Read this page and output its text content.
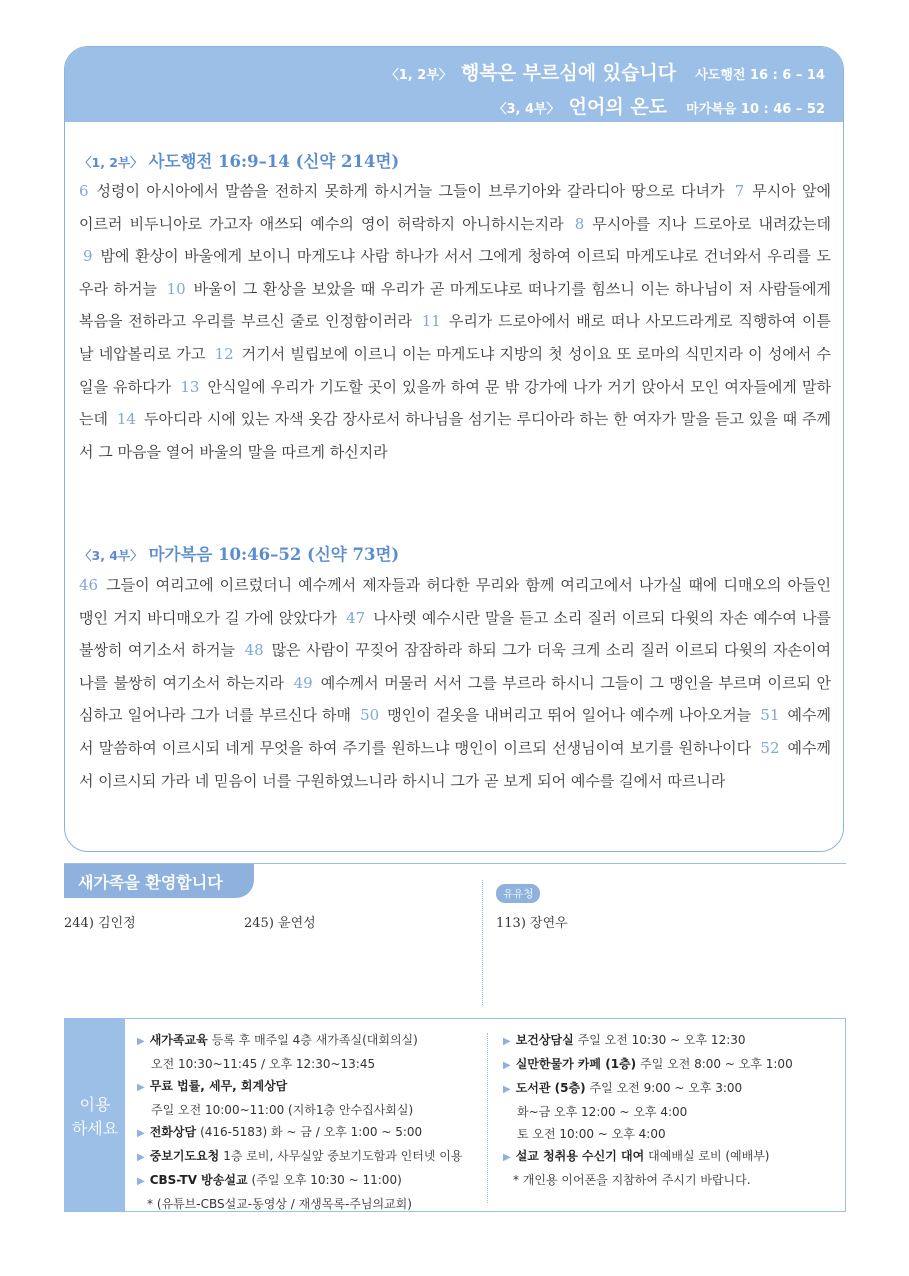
〈1, 2부〉 행복은 부르심에 있습니다 사도행전 16 : 6 – 14
〈3, 4부〉 언어의 온도 마가복음 10 : 46 – 52
〈1, 2부〉 사도행전 16:9–14 (신약 214면)
6 성령이 아시아에서 말씀을 전하지 못하게 하시거늘 그들이 브루기아와 갈라디아 땅으로 다녀가 7 무시아 앞에 이르러 비두니아로 가고자 애쓰되 예수의 영이 허락하지 아니하시는지라 8 무시아를 지나 드로아로 내려갔는데 9 밤에 환상이 바울에게 보이니 마게도냐 사람 하나가 서서 그에게 청하여 이르되 마게도냐로 건너와서 우리를 도우라 하거늘 10 바울이 그 환상을 보았을 때 우리가 곧 마게도냐로 떠나기를 힘쓰니 이는 하나님이 저 사람들에게 복음을 전하라고 우리를 부르신 줄로 인정함이러라 11 우리가 드로아에서 배로 떠나 사모드라게로 직행하여 이튿날 네압볼리로 가고 12 거기서 빌립보에 이르니 이는 마게도냐 지방의 첫 성이요 또 로마의 식민지라 이 성에서 수일을 유하다가 13 안식일에 우리가 기도할 곳이 있을까 하여 문 밖 강가에 나가 거기 앉아서 모인 여자들에게 말하는데 14 두아디라 시에 있는 자색 옷감 장사로서 하나님을 섬기는 루디아라 하는 한 여자가 말을 듣고 있을 때 주께서 그 마음을 열어 바울의 말을 따르게 하신지라
〈3, 4부〉 마가복음 10:46–52 (신약 73면)
46 그들이 여리고에 이르렀더니 예수께서 제자들과 허다한 무리와 함께 여리고에서 나가실 때에 디매오의 아들인 맹인 거지 바디매오가 길 가에 앉았다가 47 나사렛 예수시란 말을 듣고 소리 질러 이르되 다윗의 자손 예수여 나를 불쌍히 여기소서 하거늘 48 많은 사람이 꾸짖어 잠잠하라 하되 그가 더욱 크게 소리 질러 이르되 다윗의 자손이여 나를 불쌍히 여기소서 하는지라 49 예수께서 머물러 서서 그를 부르라 하시니 그들이 그 맹인을 부르며 이르되 안심하고 일어나라 그가 너를 부르신다 하매 50 맹인이 겉옷을 내버리고 뛰어 일어나 예수께 나아오거늘 51 예수께서 말씀하여 이르시되 네게 무엇을 하여 주기를 원하느냐 맹인이 이르되 선생님이여 보기를 원하나이다 52 예수께서 이르시되 가라 네 믿음이 너를 구원하였느니라 하시니 그가 곧 보게 되어 예수를 길에서 따르니라
새가족을 환영합니다
244) 김인정	245) 윤연성
유유청
113) 장연우
이용
하세요
▶ 새가족교육 등록 후 매주일 4층 새가족실(대회의실)
오전 10:30~11:45 / 오후 12:30~13:45
▶ 무료 법률, 세무, 회계상담
주일 오전 10:00~11:00 (지하1층 안수집사회실)
▶ 전화상담 (416-5183) 화 ~ 금 / 오후 1:00 ~ 5:00
▶ 중보기도요청 1층 로비, 사무실앞 중보기도함과 인터넷 이용
▶ CBS-TV 방송설교 (주일 오후 10:30 ~ 11:00)
* (유튜브-CBS설교-동영상 / 재생목록-주님의교회)
▶ 보건상담실 주일 오전 10:30 ~ 오후 12:30
▶ 실만한물가 카페 (1층) 주일 오전 8:00 ~ 오후 1:00
▶ 도서관 (5층) 주일 오전 9:00 ~ 오후 3:00
화~금 오후 12:00 ~ 오후 4:00
토 오전 10:00 ~ 오후 4:00
▶ 설교 청취용 수신기 대여 대예배실 로비 (예배부)
* 개인용 이어폰을 지참하여 주시기 바랍니다.
